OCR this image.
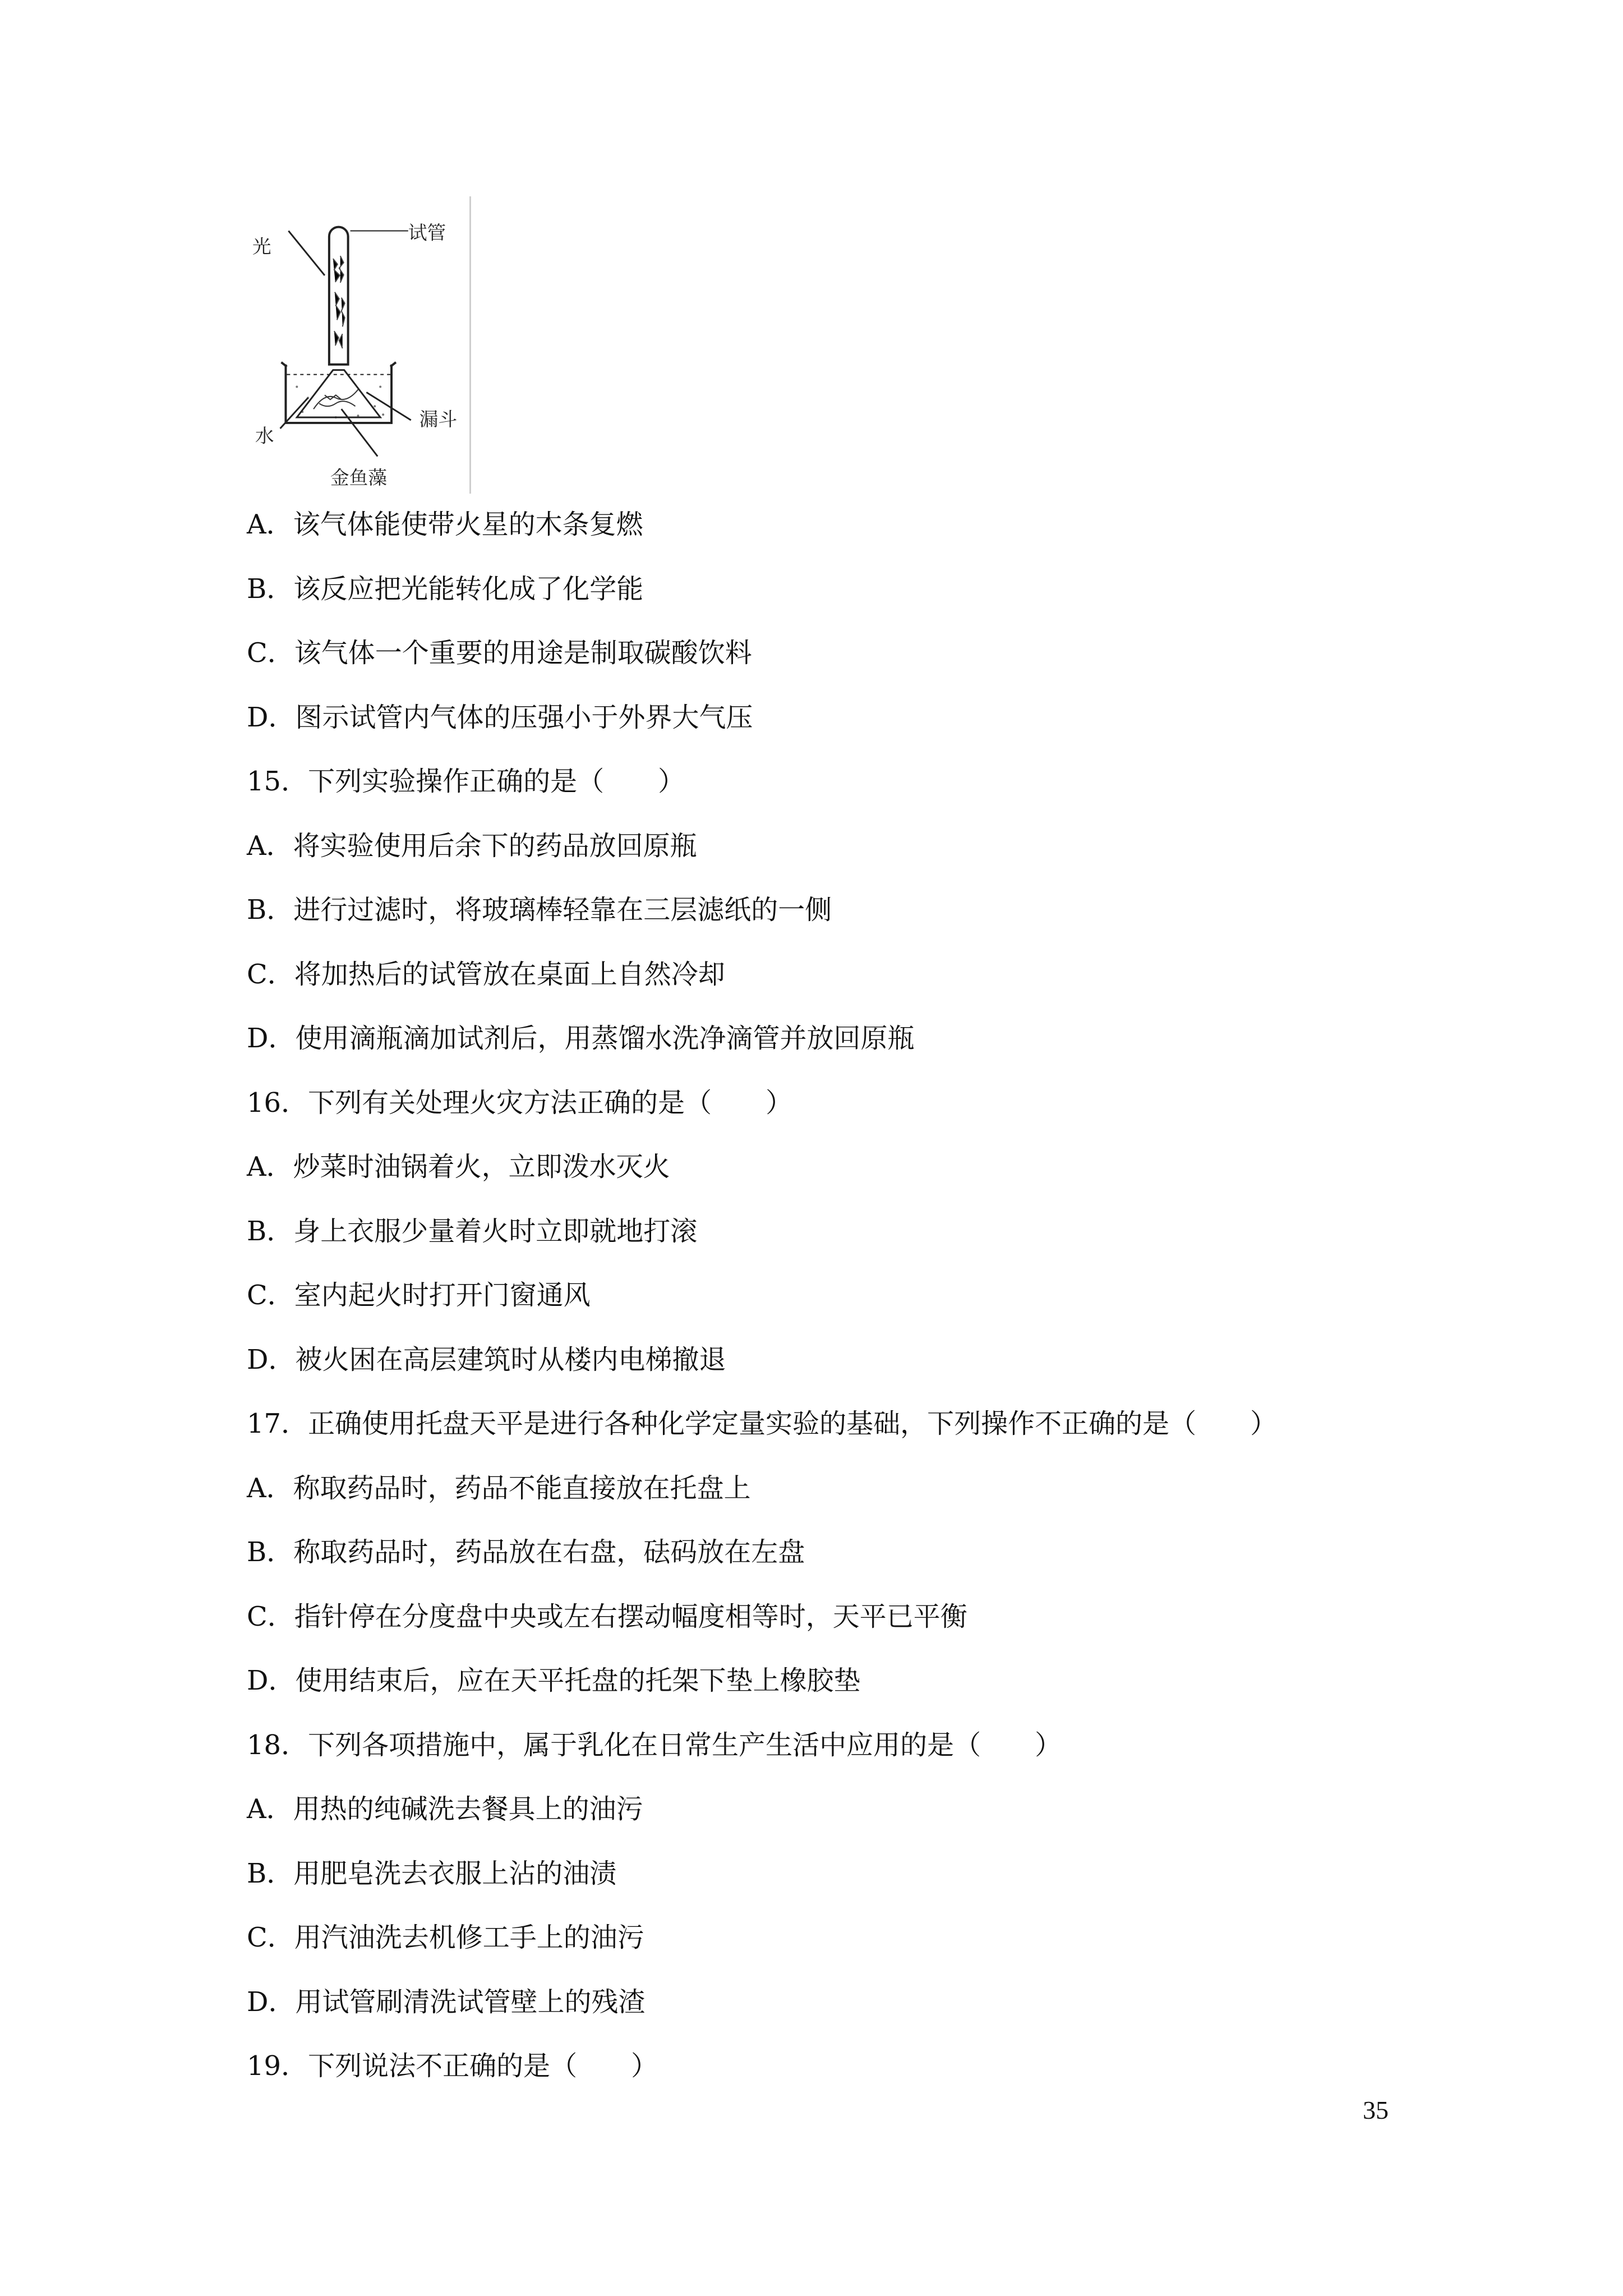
光
试管
水
漏斗
金鱼藻
A．该气体能使带火星的木条复燃
B．该反应把光能转化成了化学能
C．该气体一个重要的用途是制取碳酸饮料
D．图示试管内气体的压强小于外界大气压
15．下列实验操作正确的是（　　）
A．将实验使用后余下的药品放回原瓶
B．进行过滤时，将玻璃棒轻靠在三层滤纸的一侧
C．将加热后的试管放在桌面上自然冷却
D．使用滴瓶滴加试剂后，用蒸馏水洗净滴管并放回原瓶
16．下列有关处理火灾方法正确的是（　　）
A．炒菜时油锅着火，立即泼水灭火
B．身上衣服少量着火时立即就地打滚
C．室内起火时打开门窗通风
D．被火困在高层建筑时从楼内电梯撤退
17．正确使用托盘天平是进行各种化学定量实验的基础，下列操作不正确的是（　　）
A．称取药品时，药品不能直接放在托盘上
B．称取药品时，药品放在右盘，砝码放在左盘
C．指针停在分度盘中央或左右摆动幅度相等时，天平已平衡
D．使用结束后，应在天平托盘的托架下垫上橡胶垫
18．下列各项措施中，属于乳化在日常生产生活中应用的是（　　）
A．用热的纯碱洗去餐具上的油污
B．用肥皂洗去衣服上沾的油渍
C．用汽油洗去机修工手上的油污
D．用试管刷清洗试管壁上的残渣
19．下列说法不正确的是（　　）
35
